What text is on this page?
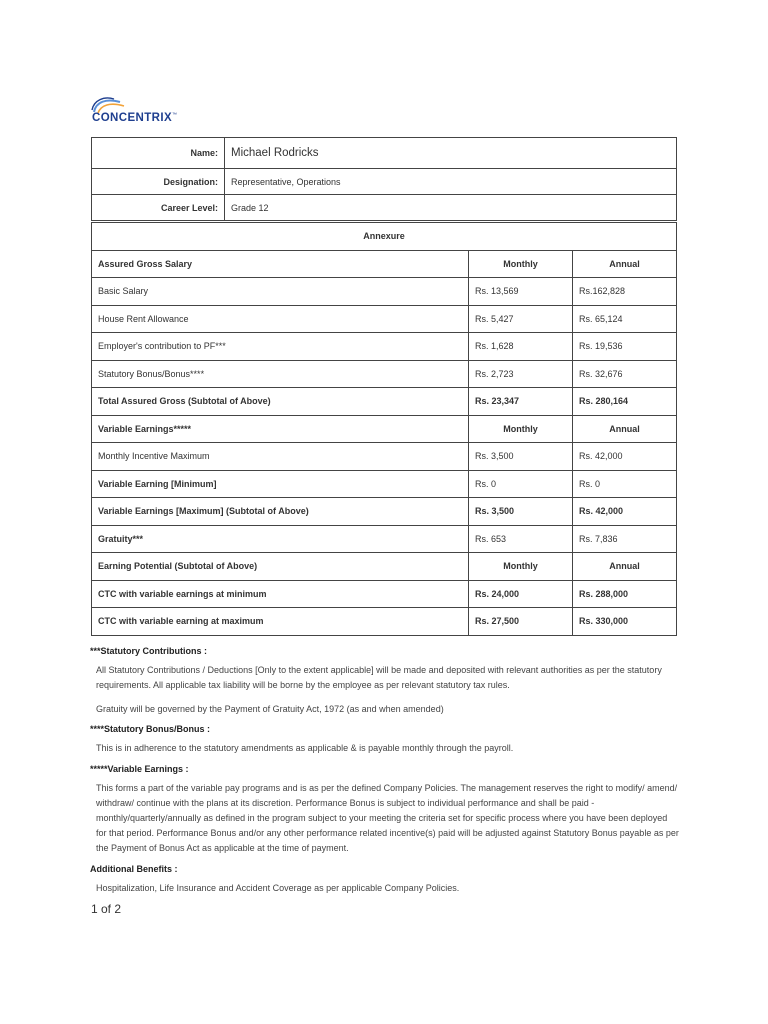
CONCENTRIX™
Name:	Michael Rodricks
Designation:	Representative, Operations
Career Level:	Grade 12
Annexure		
Assured Gross Salary	Monthly	Annual
Basic Salary	Rs. 13,569	Rs.162,828
House Rent Allowance	Rs. 5,427	Rs. 65,124
Employer's contribution to PF***	Rs. 1,628	Rs. 19,536
Statutory Bonus/Bonus****	Rs. 2,723	Rs. 32,676
Total Assured Gross (Subtotal of Above)	Rs. 23,347	Rs. 280,164
Variable Earnings*****	Monthly	Annual
Monthly Incentive Maximum	Rs. 3,500	Rs. 42,000
Variable Earning [Minimum]	Rs. 0	Rs. 0
Variable Earnings [Maximum] (Subtotal of Above)	Rs. 3,500	Rs. 42,000
Gratuity***	Rs. 653	Rs. 7,836
Earning Potential (Subtotal of Above)	Monthly	Annual
CTC with variable earnings at minimum	Rs. 24,000	Rs. 288,000
CTC with variable earning at maximum	Rs. 27,500	Rs. 330,000

***Statutory Contributions :

All Statutory Contributions / Deductions [Only to the extent applicable] will be made and deposited with relevant authorities as per the statutory requirements. All applicable tax liability will be borne by the employee as per relevant statutory tax rules.

Gratuity will be governed by the Payment of Gratuity Act, 1972 (as and when amended)

****Statutory Bonus/Bonus :

This is in adherence to the statutory amendments as applicable & is payable monthly through the payroll.

*****Variable Earnings :

This forms a part of the variable pay programs and is as per the defined Company Policies. The management reserves the right to modify/ amend/ withdraw/ continue with the plans at its discretion. Performance Bonus is subject to individual performance and shall be paid - monthly/quarterly/annually as defined in the program subject to your meeting the criteria set for specific process where you have been deployed for that period. Performance Bonus and/or any other performance related incentive(s) paid will be adjusted against Statutory Bonus payable as per the Payment of Bonus Act as applicable at the time of payment.

Additional Benefits :

Hospitalization, Life Insurance and Accident Coverage as per applicable Company Policies.

1 of 2
